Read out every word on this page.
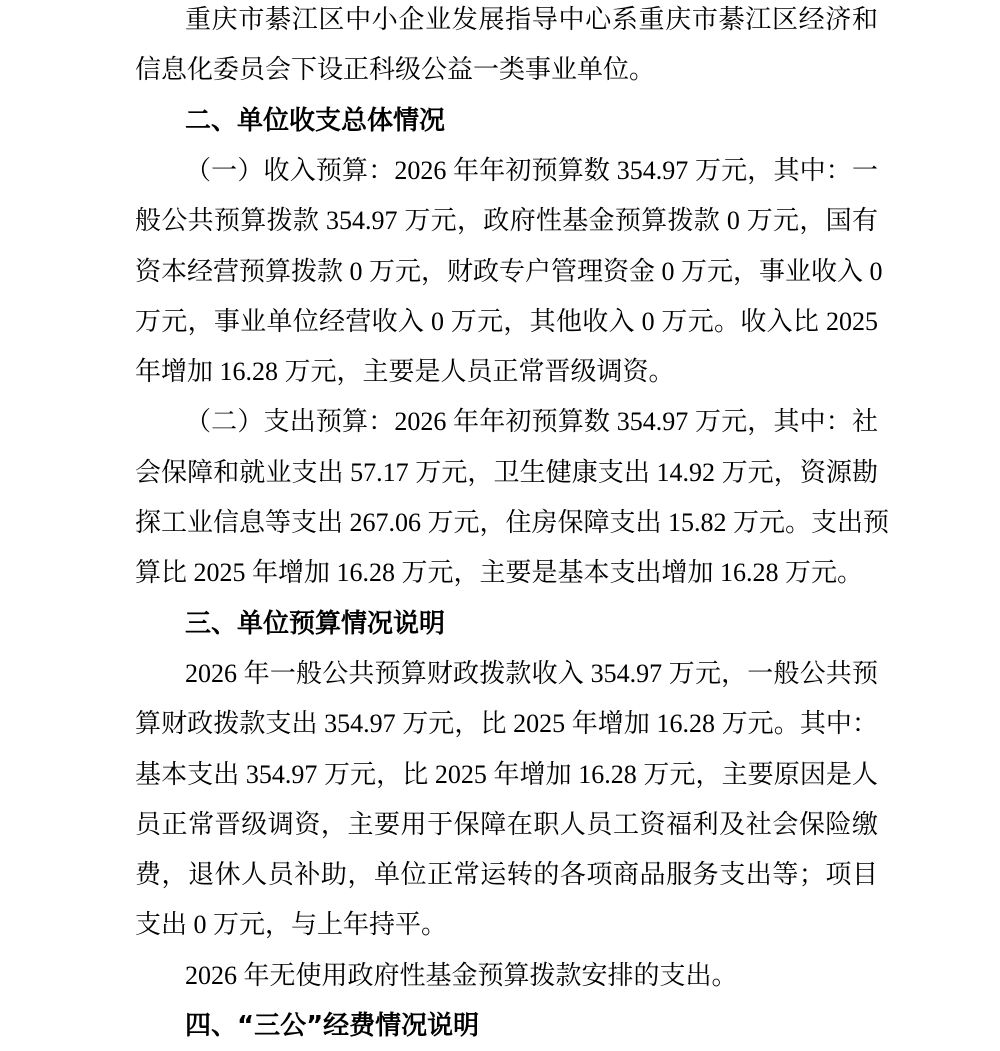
重庆市綦江区中小企业发展指导中心系重庆市綦江区经济和
信息化委员会下设正科级公益一类事业单位。
二、单位收支总体情况
（一）收入预算：2026 年年初预算数 354.97 万元，其中：一
般公共预算拨款 354.97 万元，政府性基金预算拨款 0 万元，国有
资本经营预算拨款 0 万元，财政专户管理资金 0 万元，事业收入 0
万元，事业单位经营收入 0 万元，其他收入 0 万元。收入比 2025
年增加 16.28 万元，主要是人员正常晋级调资。
（二）支出预算：2026 年年初预算数 354.97 万元，其中：社
会保障和就业支出 57.17 万元，卫生健康支出 14.92 万元，资源勘
探工业信息等支出 267.06 万元，住房保障支出 15.82 万元。支出预
算比 2025 年增加 16.28 万元，主要是基本支出增加 16.28 万元。
三、单位预算情况说明
2026 年一般公共预算财政拨款收入 354.97 万元，一般公共预
算财政拨款支出 354.97 万元，比 2025 年增加 16.28 万元。其中：
基本支出 354.97 万元，比 2025 年增加 16.28 万元，主要原因是人
员正常晋级调资，主要用于保障在职人员工资福利及社会保险缴
费，退休人员补助，单位正常运转的各项商品服务支出等；项目
支出 0 万元，与上年持平。
2026 年无使用政府性基金预算拨款安排的支出。
四、“三公”经费情况说明
